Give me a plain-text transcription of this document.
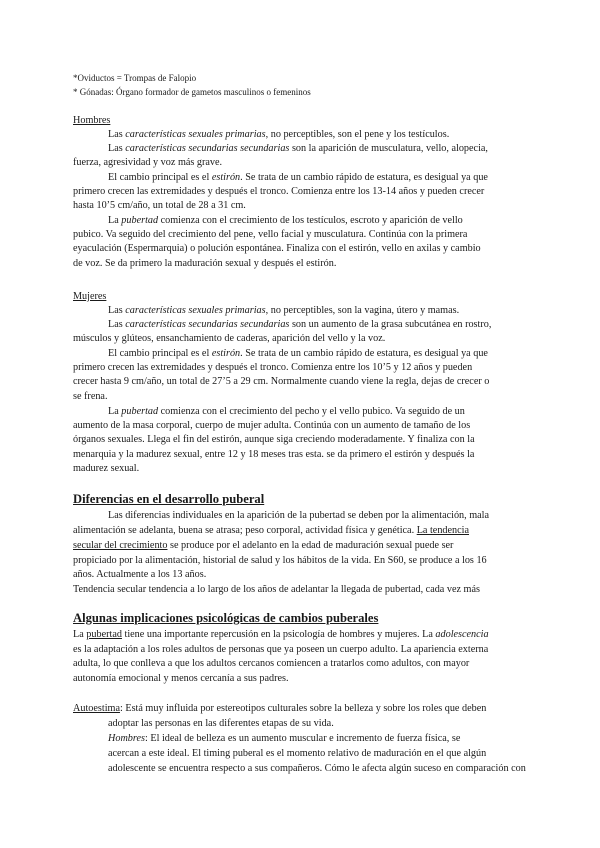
*Oviductos = Trompas de Falopio
* Gónadas: Órgano formador de gametos masculinos o femeninos
Hombres
Las características sexuales primarias, no perceptibles, son el pene y los testículos.
Las características secundarias secundarias son la aparición de musculatura, vello, alopecia,
fuerza, agresividad y voz más grave.
El cambio principal es el estirón. Se trata de un cambio rápido de estatura, es desigual ya que
primero crecen las extremidades y después el tronco. Comienza entre los 13-14 años y pueden crecer
hasta 10’5 cm/año, un total de 28 a 31 cm.
La pubertad comienza con el crecimiento de los testículos, escroto y aparición de vello
pubico. Va seguido del crecimiento del pene, vello facial y musculatura. Continúa con la primera
eyaculación (Espermarquia) o polución espontánea. Finaliza con el estirón, vello en axilas y cambio
de voz. Se da primero la maduración sexual y después el estirón.
Mujeres
Las características sexuales primarias, no perceptibles, son la vagina, útero y mamas.
Las características secundarias secundarias son un aumento de la grasa subcutánea en rostro,
músculos y glúteos, ensanchamiento de caderas, aparición del vello y la voz.
El cambio principal es el estirón. Se trata de un cambio rápido de estatura, es desigual ya que
primero crecen las extremidades y después el tronco. Comienza entre los 10’5 y 12 años y pueden
crecer hasta 9 cm/año, un total de 27’5 a 29 cm. Normalmente cuando viene la regla, dejas de crecer o
se frena.
La pubertad comienza con el crecimiento del pecho y el vello pubico. Va seguido de un
aumento de la masa corporal, cuerpo de mujer adulta. Continúa con un aumento de tamaño de los
órganos sexuales. Llega el fin del estirón, aunque siga creciendo moderadamente. Y finaliza con la
menarquia y la madurez sexual, entre 12 y 18 meses tras esta. se da primero el estirón y después la
madurez sexual.
Diferencias en el desarrollo puberal
Las diferencias individuales en la aparición de la pubertad se deben por la alimentación, mala
alimentación se adelanta, buena se atrasa; peso corporal, actividad física y genética. La tendencia
secular del crecimiento se produce por el adelanto en la edad de maduración sexual puede ser
propiciado por la alimentación, historial de salud y los hábitos de la vida. En S60, se produce a los 16
años. Actualmente a los 13 años.
Tendencia secular tendencia a lo largo de los años de adelantar la llegada de pubertad, cada vez más
Algunas implicaciones psicológicas de cambios puberales
La pubertad tiene una importante repercusión en la psicología de hombres y mujeres. La adolescencia
es la adaptación a los roles adultos de personas que ya poseen un cuerpo adulto. La apariencia externa
adulta, lo que conlleva a que los adultos cercanos comiencen a tratarlos como adultos, con mayor
autonomía emocional y menos cercanía a sus padres.
Autoestima: Está muy influida por estereotipos culturales sobre la belleza y sobre los roles que deben
adoptar las personas en las diferentes etapas de su vida.
Hombres: El ideal de belleza es un aumento muscular e incremento de fuerza física, se
acercan a este ideal. El timing puberal es el momento relativo de maduración en el que algún
adolescente se encuentra respecto a sus compañeros. Cómo le afecta algún suceso en comparación con
